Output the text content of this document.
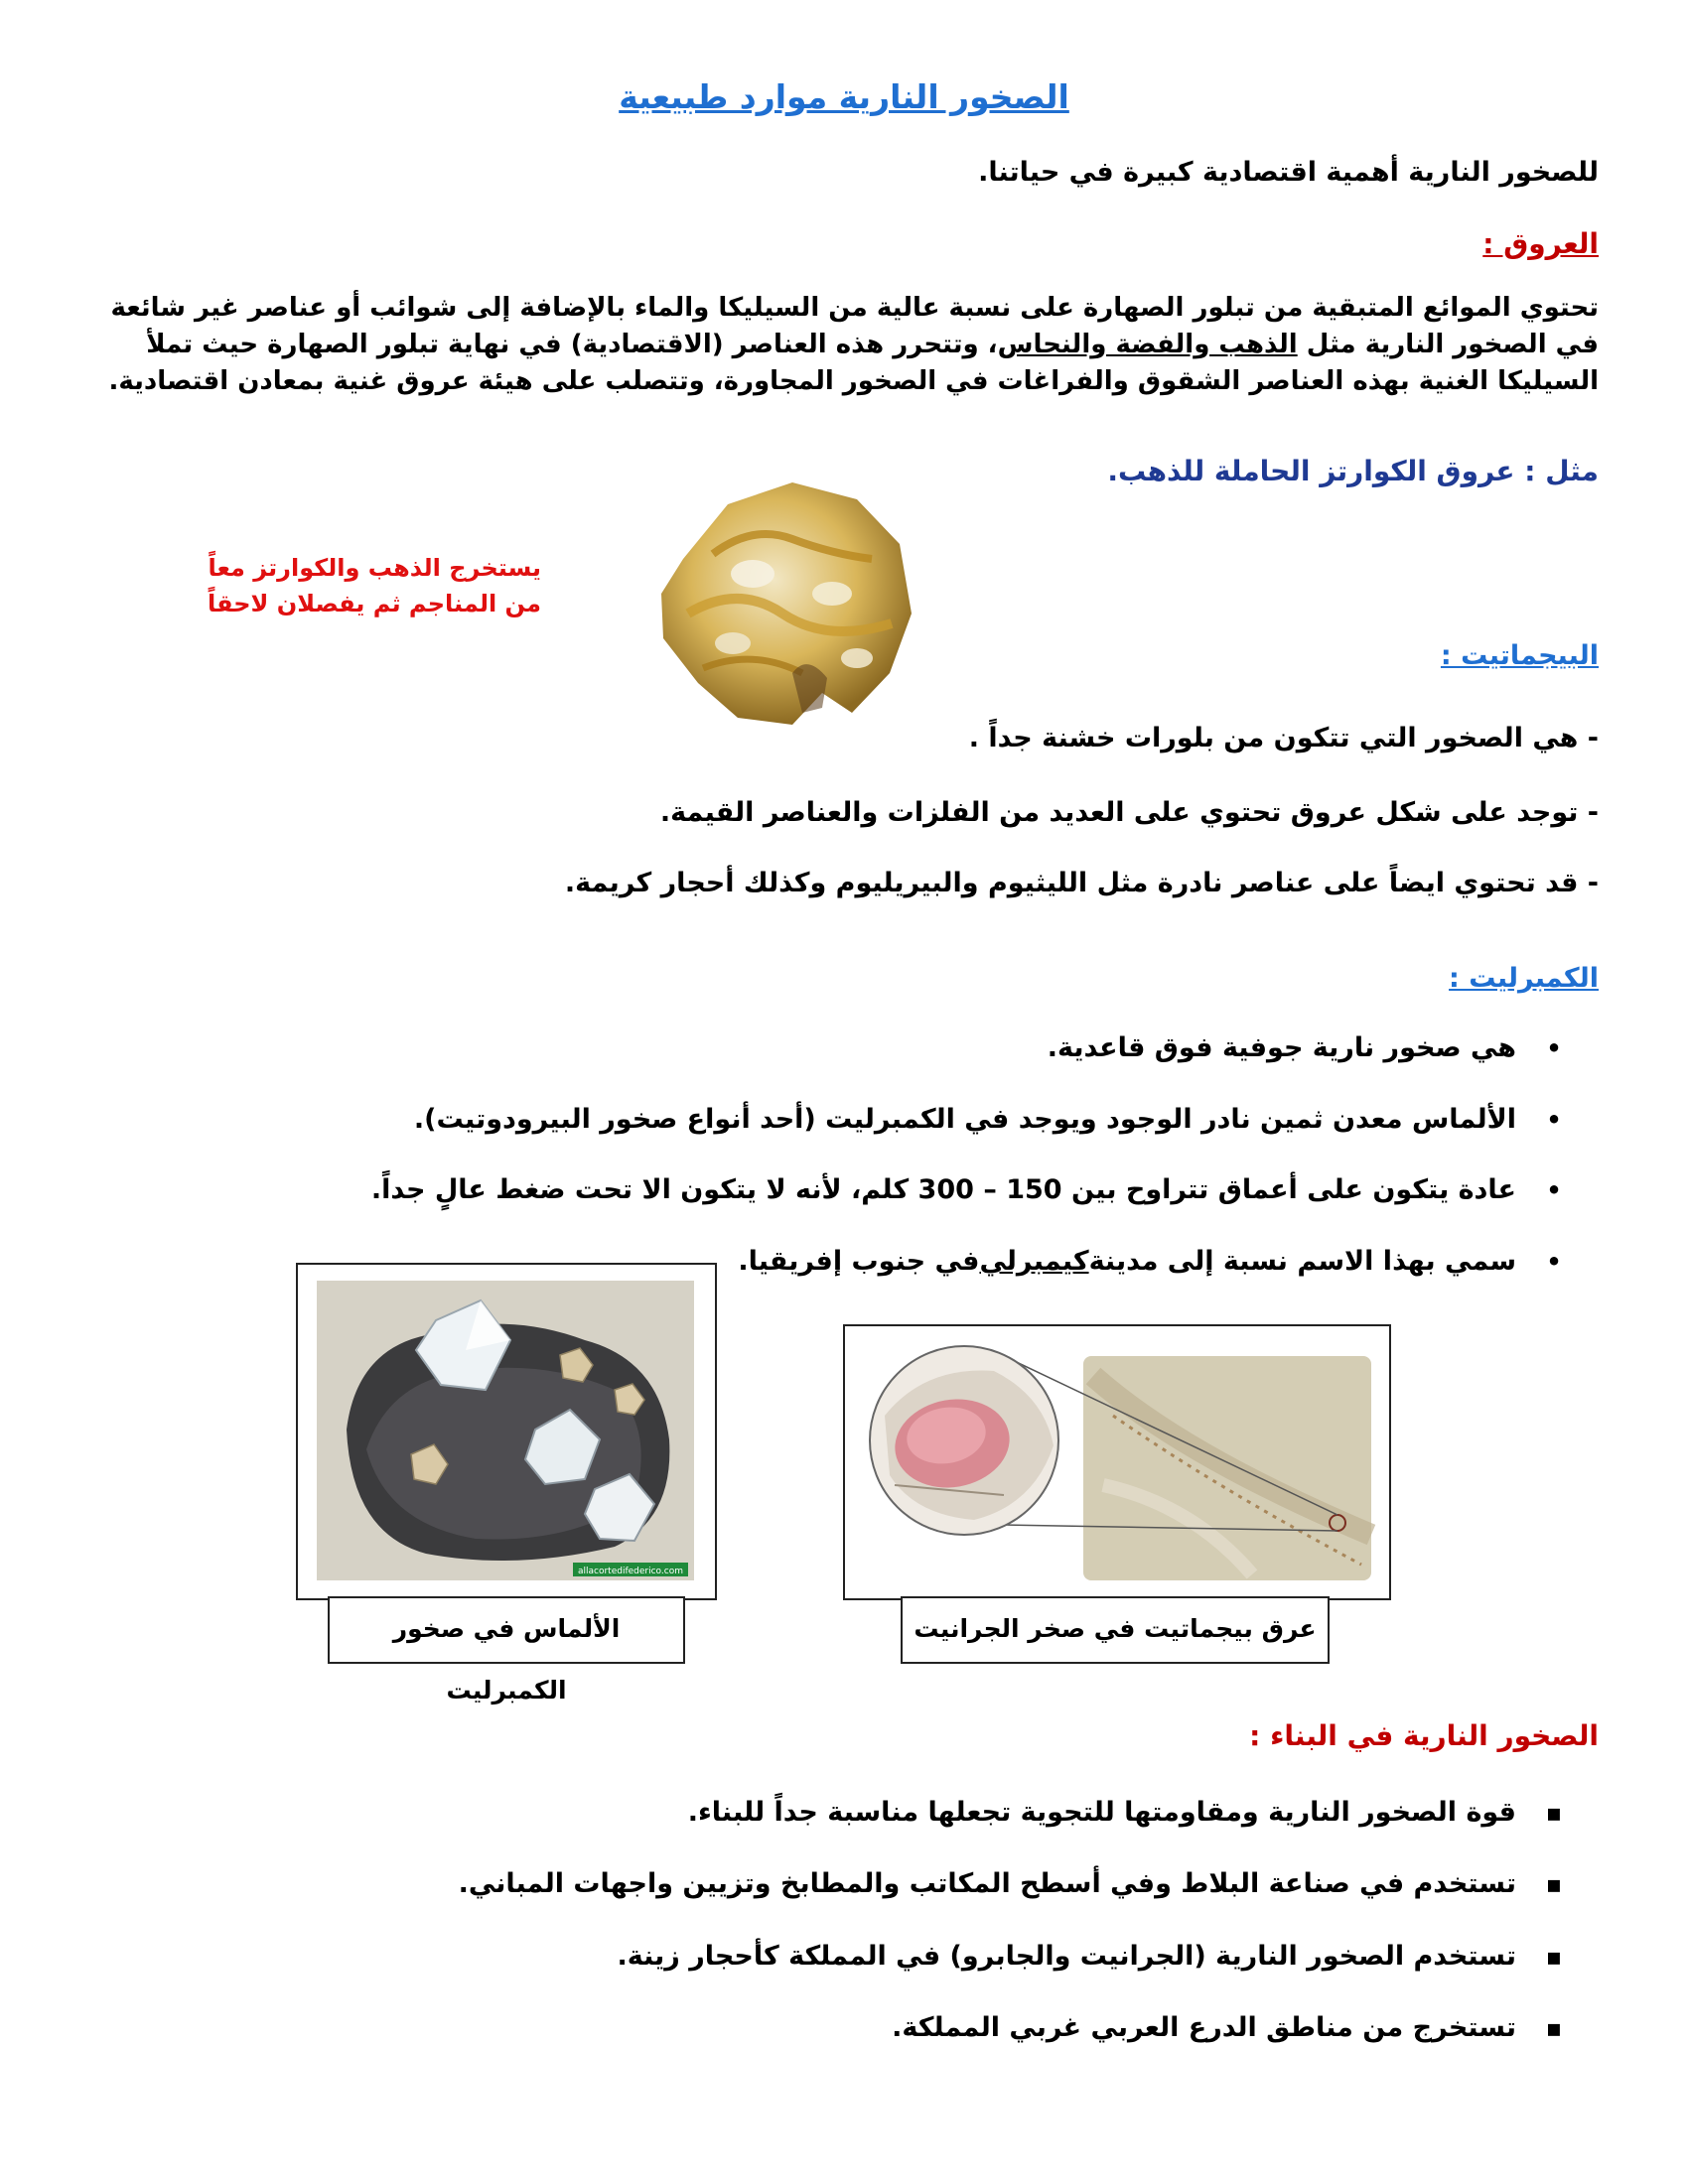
الصخور النارية موارد طبيعية
للصخور النارية أهمية اقتصادية كبيرة في حياتنا.
العروق :
تحتوي الموائع المتبقية من تبلور الصهارة على نسبة عالية من السيليكا والماء بالإضافة إلى شوائب أو عناصر غير شائعة
في الصخور النارية مثل الذهب والفضة والنحاس، وتتحرر هذه العناصر (الاقتصادية) في نهاية تبلور الصهارة حيث تملأ
السيليكا الغنية بهذه العناصر الشقوق والفراغات في الصخور المجاورة، وتتصلب على هيئة عروق غنية بمعادن اقتصادية.
مثل : عروق الكوارتز الحاملة للذهب.
يستخرج الذهب والكوارتز معاً
من المناجم ثم يفصلان لاحقاً
البيجماتيت :
- هي الصخور التي تتكون من بلورات خشنة جداً .
- توجد على شكل عروق تحتوي على العديد من الفلزات والعناصر القيمة.
- قد تحتوي ايضاً على عناصر نادرة مثل الليثيوم والبيريليوم وكذلك أحجار كريمة.
الكمبرليت :
•
هي صخور نارية جوفية فوق قاعدية.
•
الألماس معدن ثمين نادر الوجود ويوجد في الكمبرليت (أحد أنواع صخور البيرودوتيت).
•
عادة يتكون على أعماق تتراوح بين 150 – 300 كلم، لأنه لا يتكون الا تحت ضغط عالٍ جداً.
•
سمي بهذا الاسم نسبة إلى مدينة
كيمبرلي
في جنوب إفريقيا.
allacortedifederico.com
الألماس في صخور الكمبرليت
عرق بيجماتيت في صخر الجرانيت
الصخور النارية في البناء :
▪
قوة الصخور النارية ومقاومتها للتجوية تجعلها مناسبة جداً للبناء.
▪
تستخدم في صناعة البلاط وفي أسطح المكاتب والمطابخ وتزيين واجهات المباني.
▪
تستخدم الصخور النارية (الجرانيت والجابرو) في المملكة كأحجار زينة.
▪
تستخرج من مناطق الدرع العربي غربي المملكة.
